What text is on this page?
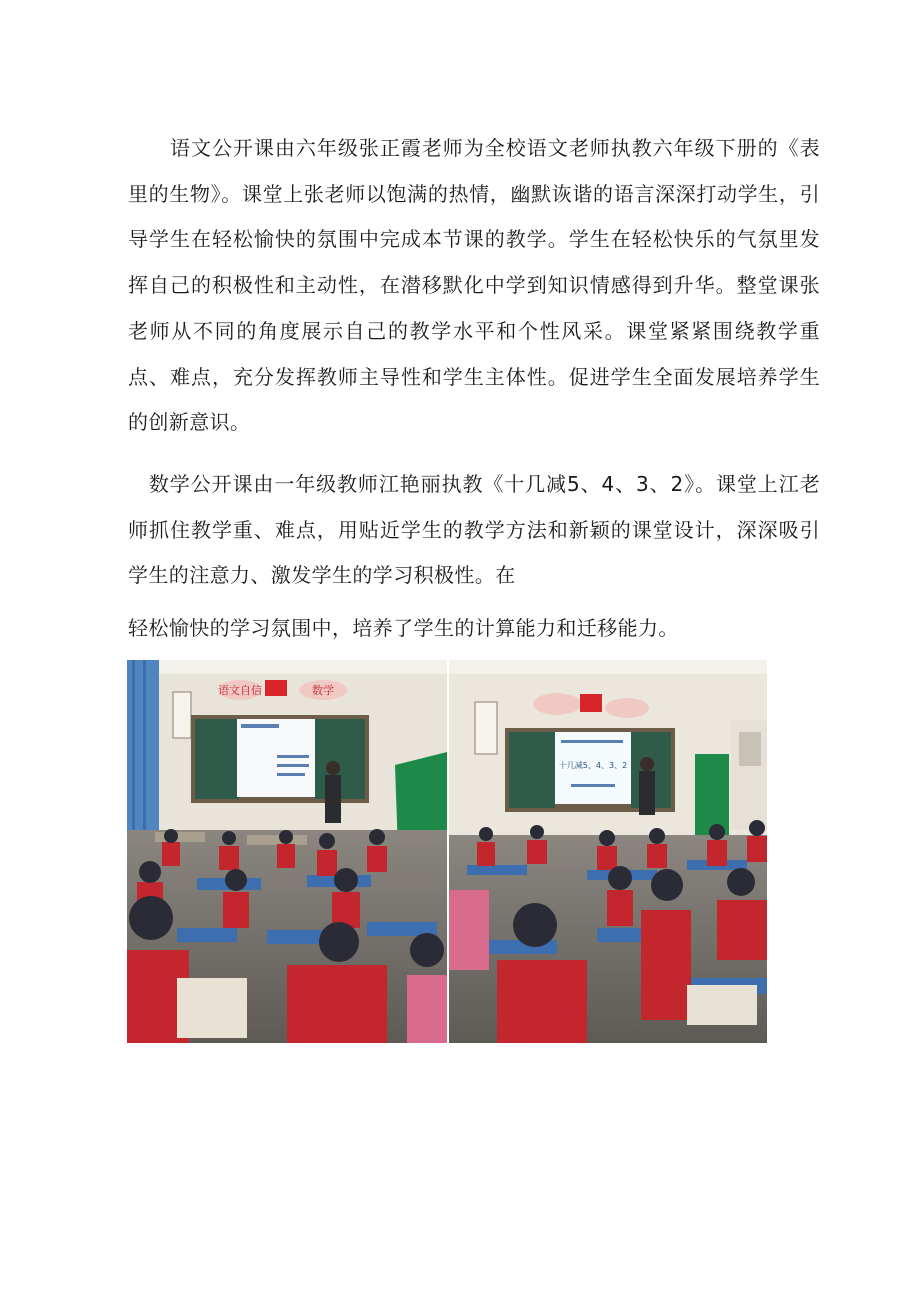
　　语文公开课由六年级张正霞老师为全校语文老师执教六年级下册的《表里的生物》。课堂上张老师以饱满的热情，幽默诙谐的语言深深打动学生，引导学生在轻松愉快的氛围中完成本节课的教学。学生在轻松快乐的气氛里发挥自己的积极性和主动性，在潜移默化中学到知识情感得到升华。整堂课张老师从不同的角度展示自己的教学水平和个性风采。课堂紧紧围绕教学重点、难点，充分发挥教师主导性和学生主体性。促进学生全面发展培养学生的创新意识。

　数学公开课由一年级教师江艳丽执教《十几减5、4、3、2》。课堂上江老师抓住教学重、难点，用贴近学生的教学方法和新颖的课堂设计，深深吸引学生的注意力、激发学生的学习积极性。在

轻松愉快的学习氛围中，培养了学生的计算能力和迁移能力。

语文自信	数学
十几减5、4、3、2
